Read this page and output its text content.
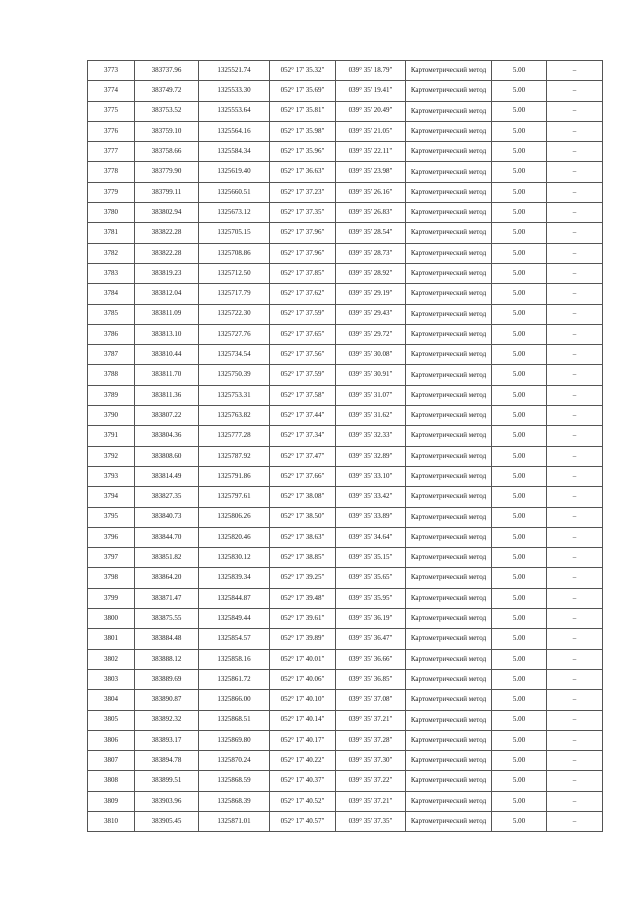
3773	383737.96	1325521.74	052° 17' 35.32"	039° 35' 18.79"	Картометрический метод	5.00	–
3774	383749.72	1325533.30	052° 17' 35.69"	039° 35' 19.41"	Картометрический метод	5.00	–
3775	383753.52	1325553.64	052° 17' 35.81"	039° 35' 20.49"	Картометрический метод	5.00	–
3776	383759.10	1325564.16	052° 17' 35.98"	039° 35' 21.05"	Картометрический метод	5.00	–
3777	383758.66	1325584.34	052° 17' 35.96"	039° 35' 22.11"	Картометрический метод	5.00	–
3778	383779.90	1325619.40	052° 17' 36.63"	039° 35' 23.98"	Картометрический метод	5.00	–
3779	383799.11	1325660.51	052° 17' 37.23"	039° 35' 26.16"	Картометрический метод	5.00	–
3780	383802.94	1325673.12	052° 17' 37.35"	039° 35' 26.83"	Картометрический метод	5.00	–
3781	383822.28	1325705.15	052° 17' 37.96"	039° 35' 28.54"	Картометрический метод	5.00	–
3782	383822.28	1325708.86	052° 17' 37.96"	039° 35' 28.73"	Картометрический метод	5.00	–
3783	383819.23	1325712.50	052° 17' 37.85"	039° 35' 28.92"	Картометрический метод	5.00	–
3784	383812.04	1325717.79	052° 17' 37.62"	039° 35' 29.19"	Картометрический метод	5.00	–
3785	383811.09	1325722.30	052° 17' 37.59"	039° 35' 29.43"	Картометрический метод	5.00	–
3786	383813.10	1325727.76	052° 17' 37.65"	039° 35' 29.72"	Картометрический метод	5.00	–
3787	383810.44	1325734.54	052° 17' 37.56"	039° 35' 30.08"	Картометрический метод	5.00	–
3788	383811.70	1325750.39	052° 17' 37.59"	039° 35' 30.91"	Картометрический метод	5.00	–
3789	383811.36	1325753.31	052° 17' 37.58"	039° 35' 31.07"	Картометрический метод	5.00	–
3790	383807.22	1325763.82	052° 17' 37.44"	039° 35' 31.62"	Картометрический метод	5.00	–
3791	383804.36	1325777.28	052° 17' 37.34"	039° 35' 32.33"	Картометрический метод	5.00	–
3792	383808.60	1325787.92	052° 17' 37.47"	039° 35' 32.89"	Картометрический метод	5.00	–
3793	383814.49	1325791.86	052° 17' 37.66"	039° 35' 33.10"	Картометрический метод	5.00	–
3794	383827.35	1325797.61	052° 17' 38.08"	039° 35' 33.42"	Картометрический метод	5.00	–
3795	383840.73	1325806.26	052° 17' 38.50"	039° 35' 33.89"	Картометрический метод	5.00	–
3796	383844.70	1325820.46	052° 17' 38.63"	039° 35' 34.64"	Картометрический метод	5.00	–
3797	383851.82	1325830.12	052° 17' 38.85"	039° 35' 35.15"	Картометрический метод	5.00	–
3798	383864.20	1325839.34	052° 17' 39.25"	039° 35' 35.65"	Картометрический метод	5.00	–
3799	383871.47	1325844.87	052° 17' 39.48"	039° 35' 35.95"	Картометрический метод	5.00	–
3800	383875.55	1325849.44	052° 17' 39.61"	039° 35' 36.19"	Картометрический метод	5.00	–
3801	383884.48	1325854.57	052° 17' 39.89"	039° 35' 36.47"	Картометрический метод	5.00	–
3802	383888.12	1325858.16	052° 17' 40.01"	039° 35' 36.66"	Картометрический метод	5.00	–
3803	383889.69	1325861.72	052° 17' 40.06"	039° 35' 36.85"	Картометрический метод	5.00	–
3804	383890.87	1325866.00	052° 17' 40.10"	039° 35' 37.08"	Картометрический метод	5.00	–
3805	383892.32	1325868.51	052° 17' 40.14"	039° 35' 37.21"	Картометрический метод	5.00	–
3806	383893.17	1325869.80	052° 17' 40.17"	039° 35' 37.28"	Картометрический метод	5.00	–
3807	383894.78	1325870.24	052° 17' 40.22"	039° 35' 37.30"	Картометрический метод	5.00	–
3808	383899.51	1325868.59	052° 17' 40.37"	039° 35' 37.22"	Картометрический метод	5.00	–
3809	383903.96	1325868.39	052° 17' 40.52"	039° 35' 37.21"	Картометрический метод	5.00	–
3810	383905.45	1325871.01	052° 17' 40.57"	039° 35' 37.35"	Картометрический метод	5.00	–
